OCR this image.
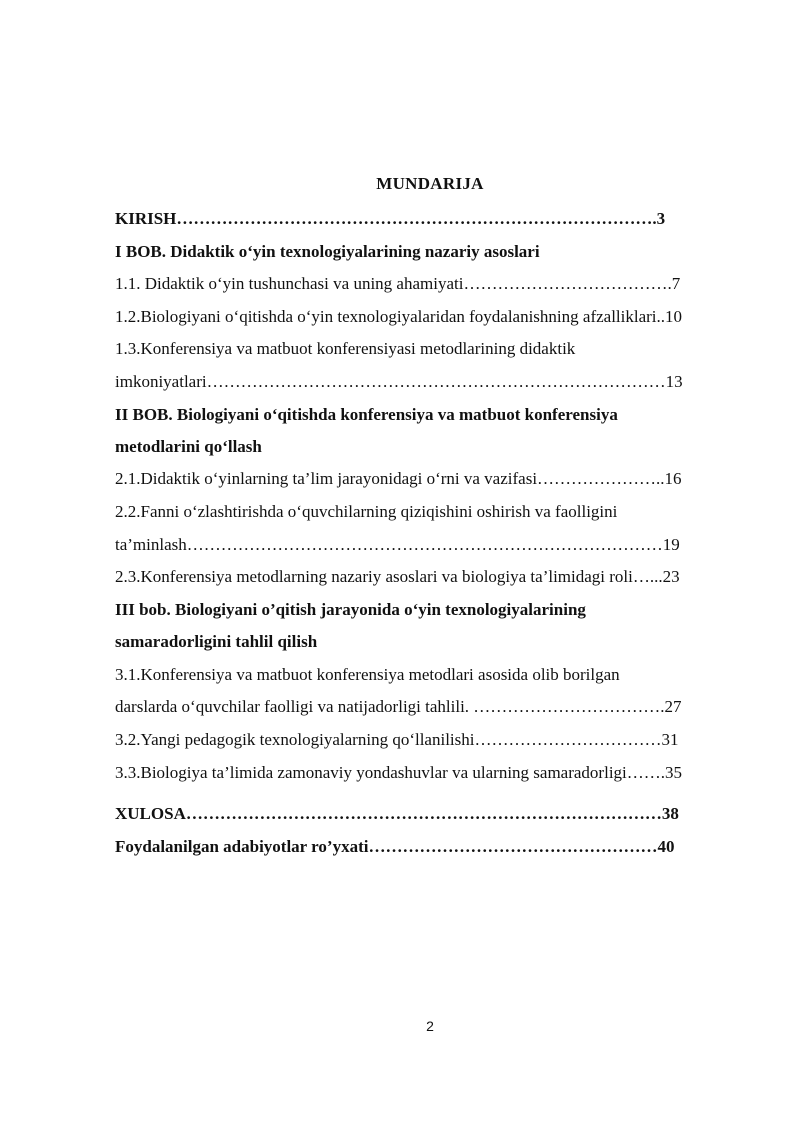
MUNDARIJA
KIRISH………………………………………………………………………….3
I BOB. Didaktik o‘yin texnologiyalarining nazariy asoslari
1.1. Didaktik o‘yin tushunchasi va uning ahamiyati……………………………….7
1.2.Biologiyani o‘qitishda o‘yin texnologiyalaridan foydalanishning afzalliklari..10
1.3.Konferensiya va matbuot konferensiyasi metodlarining didaktik
imkoniyatlari………………………………………………………………………13
II BOB. Biologiyani o‘qitishda konferensiya va matbuot konferensiya
metodlarini qo‘llash
2.1.Didaktik o‘yinlarning ta’lim jarayonidagi o‘rni va vazifasi…………………..16
2.2.Fanni o‘zlashtirishda o‘quvchilarning qiziqishini oshirish va faolligini
ta’minlash…………………………………………………………………………19
2.3.Konferensiya metodlarning nazariy asoslari va biologiya ta’limidagi roli…...23
III bob. Biologiyani o’qitish jarayonida o‘yin texnologiyalarining
samaradorligini tahlil qilish
3.1.Konferensiya va matbuot konferensiya metodlari asosida olib borilgan
darslarda o‘quvchilar faolligi va natijadorligi tahlili. …………………………….27
3.2.Yangi pedagogik texnologiyalarning qo‘llanilishi……………………………31
3.3.Biologiya ta’limida zamonaviy yondashuvlar va ularning samaradorligi…….35
XULOSA…………………………………………………………………………38
Foydalanilgan adabiyotlar ro’yxati……………………………………………40
2
